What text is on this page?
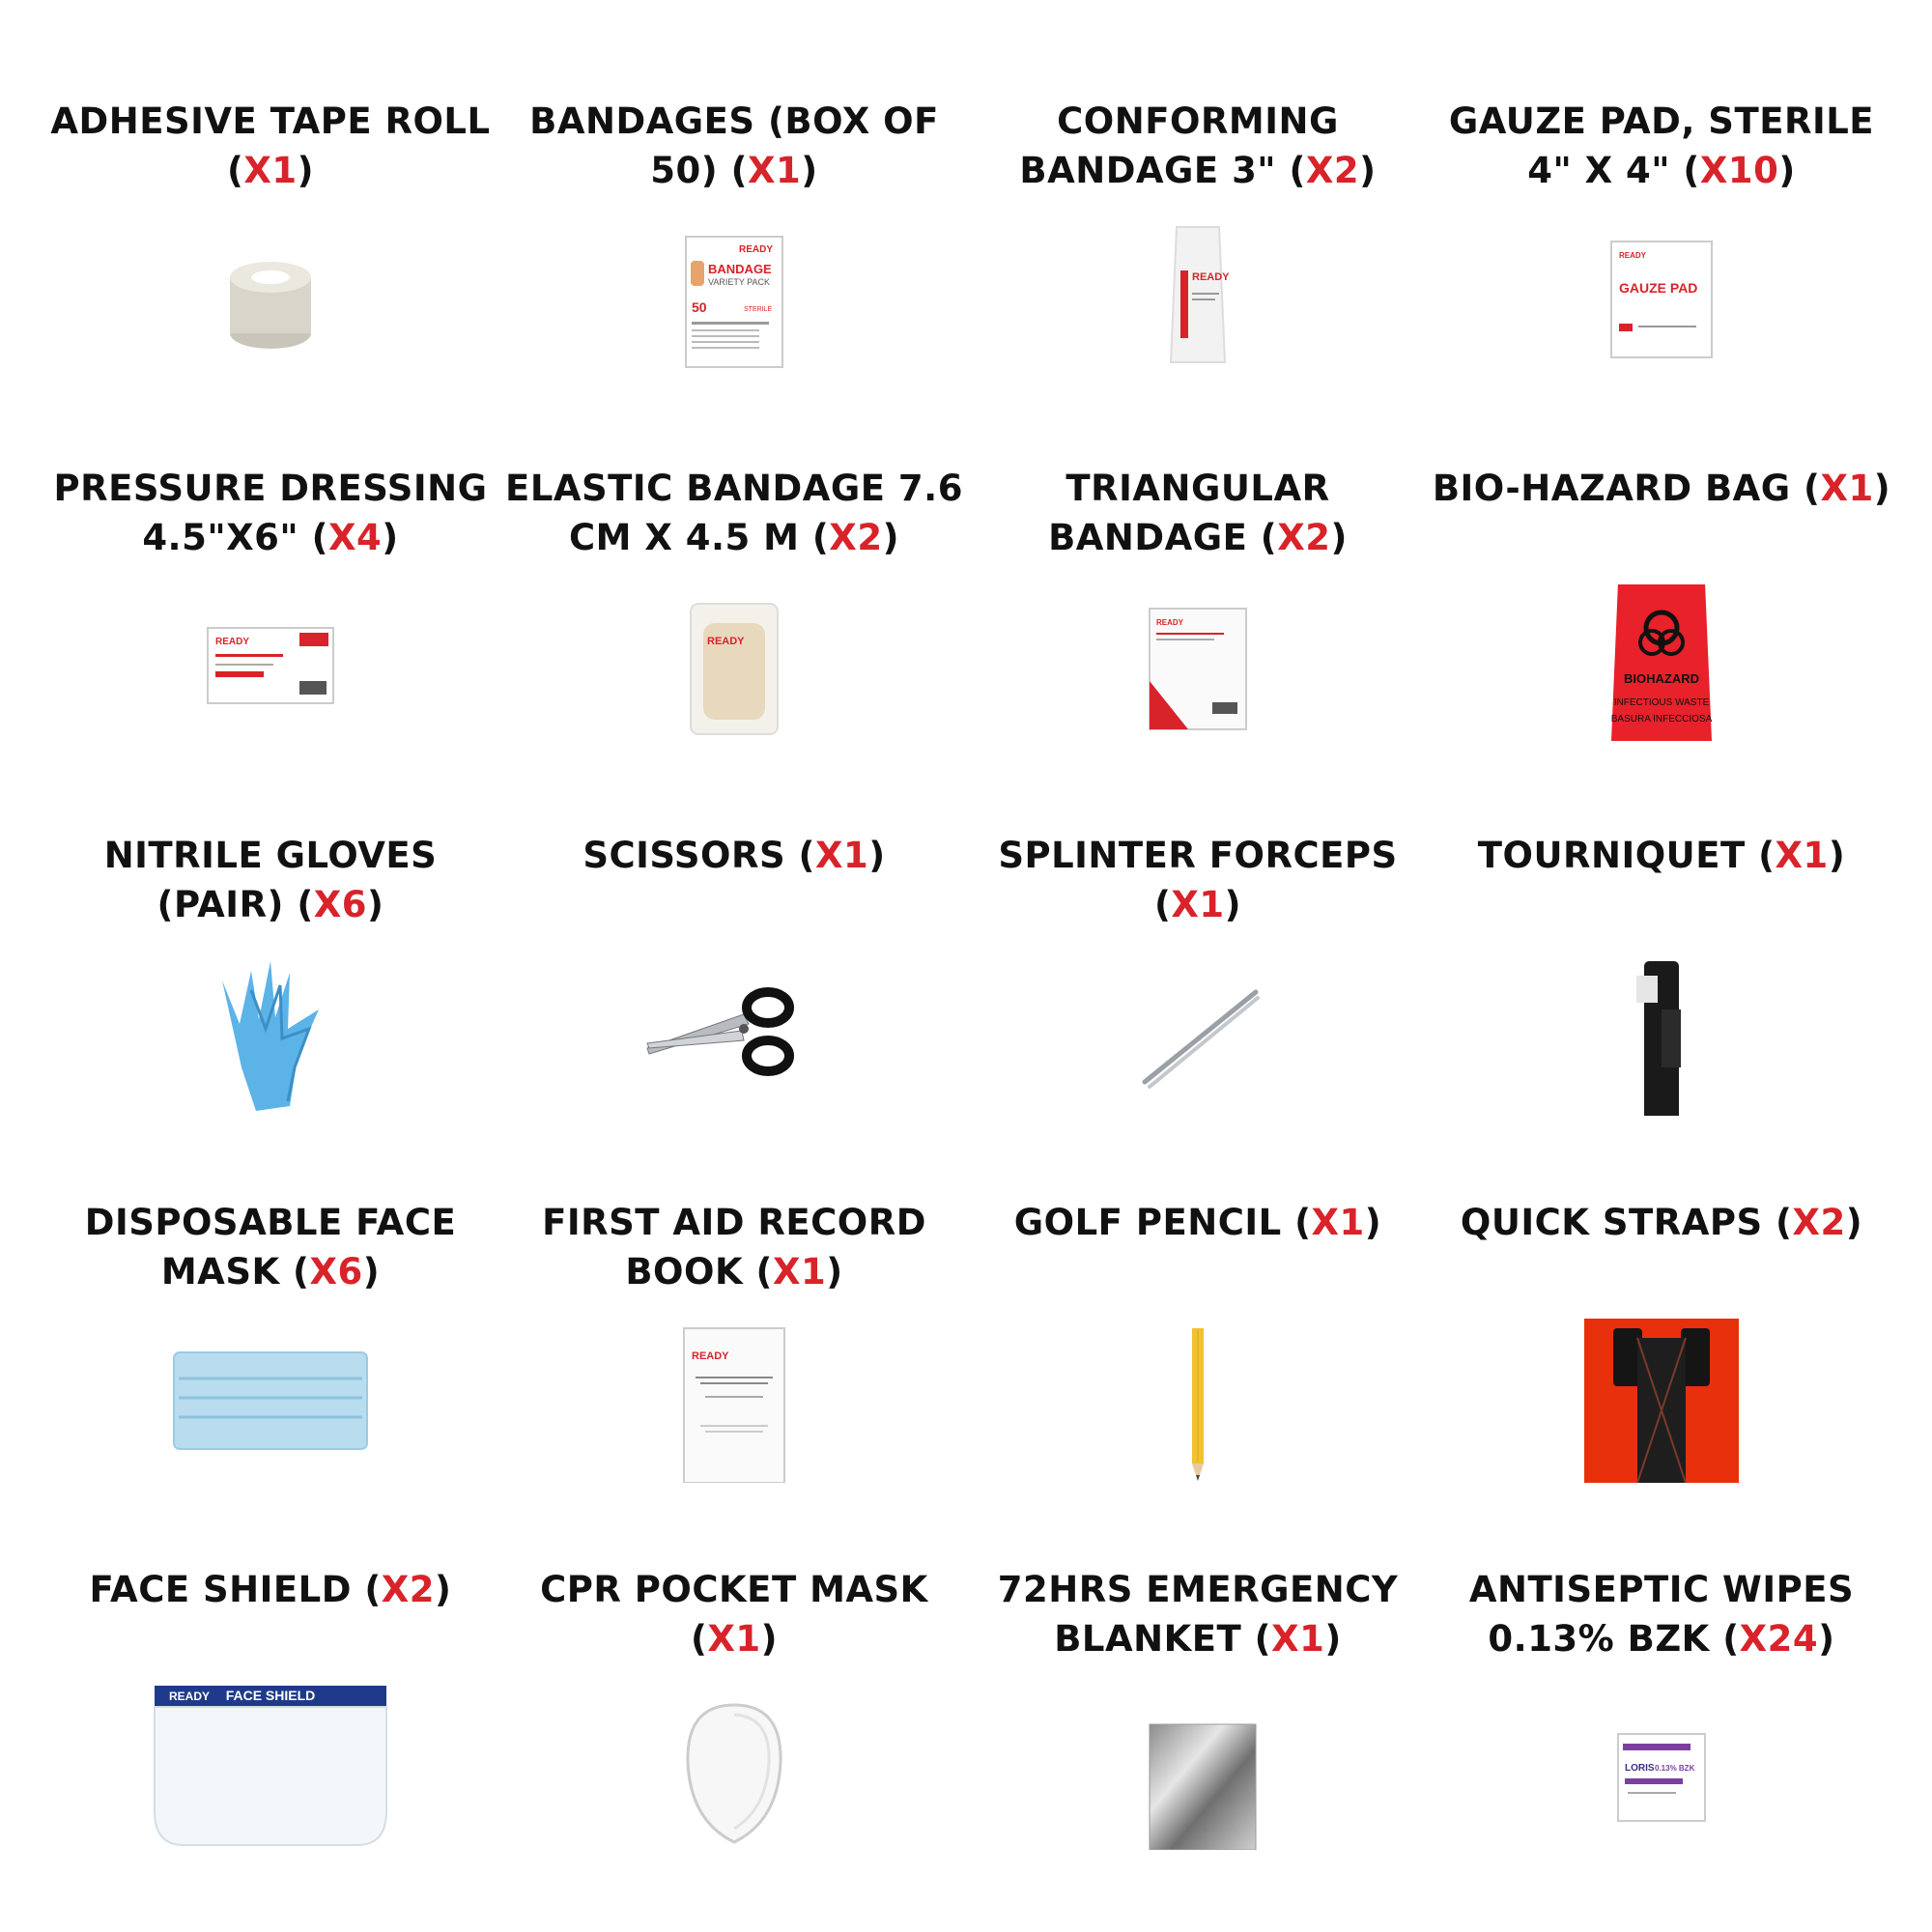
ADHESIVE TAPE ROLL (X1)
BANDAGES (BOX OF 50) (X1)
READY
BANDAGE
VARIETY PACK
50	STERILE
CONFORMING BANDAGE 3" (X2)
READY
GAUZE PAD, STERILE 4" X 4" (X10)
READY
GAUZE PAD
PRESSURE DRESSING 4.5"X6" (X4)
READY
ELASTIC BANDAGE 7.6 CM X 4.5 M (X2)
READY
TRIANGULAR BANDAGE (X2)
READY
BIO-HAZARD BAG (X1)
BIOHAZARD
INFECTIOUS WASTE
BASURA INFECCIOSA
NITRILE GLOVES (PAIR) (X6)
SCISSORS (X1)	SPLINTER FORCEPS (X1)
TOURNIQUET (X1)
DISPOSABLE FACE MASK (X6)
FIRST AID RECORD BOOK (X1)
READY
GOLF PENCIL (X1)	QUICK STRAPS (X2)
FACE SHIELD (X2)
READY FACE SHIELD
CPR POCKET MASK (X1)
72HRS EMERGENCY BLANKET (X1)
ANTISEPTIC WIPES 0.13% BZK (X24)
LORIS 0.13% BZK
